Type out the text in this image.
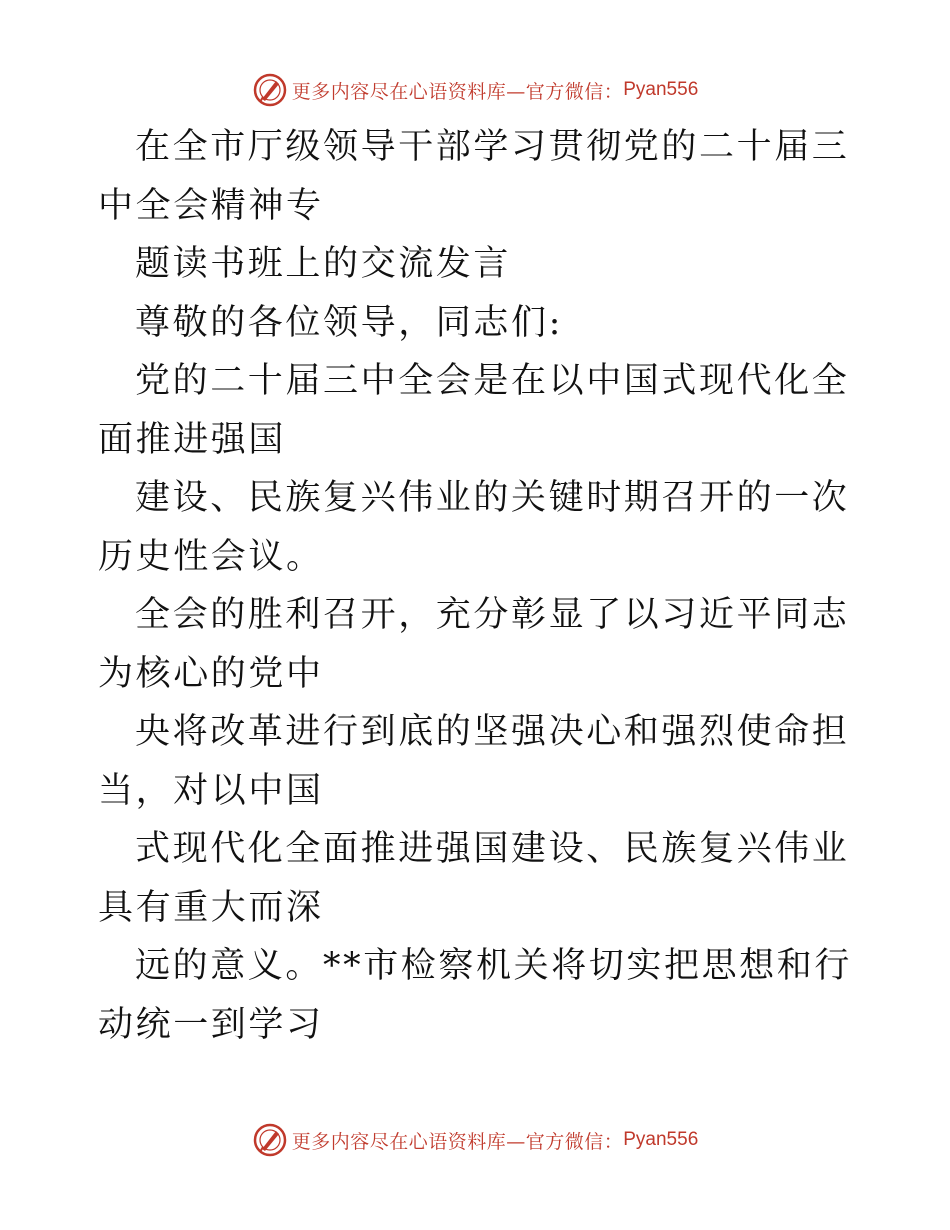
更多内容尽在心语资料库—官方微信： Pyan556

在全市厅级领导干部学习贯彻党的二十届三中全会精神专

题读书班上的交流发言

尊敬的各位领导，同志们:

党的二十届三中全会是在以中国式现代化全面推进强国

建设、民族复兴伟业的关键时期召开的一次历史性会议。

全会的胜利召开，充分彰显了以习近平同志为核心的党中

央将改革进行到底的坚强决心和强烈使命担当，对以中国

式现代化全面推进强国建设、民族复兴伟业具有重大而深

远的意义。**市检察机关将切实把思想和行动统一到学习

更多内容尽在心语资料库—官方微信： Pyan556
